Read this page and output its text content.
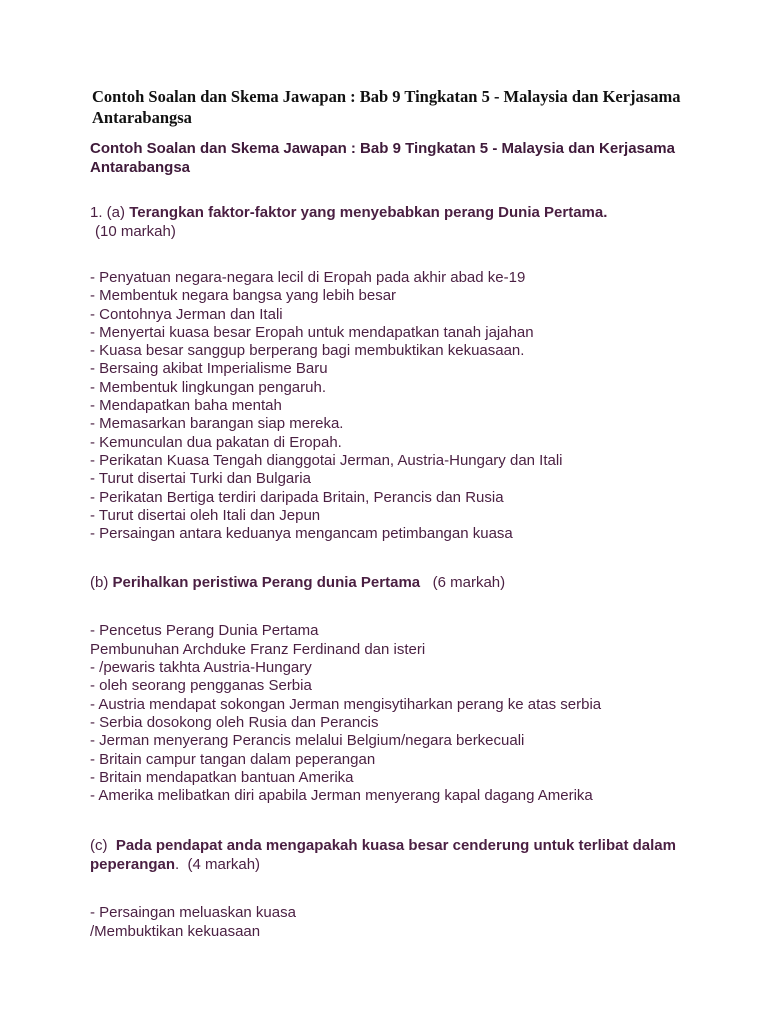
Contoh Soalan dan Skema Jawapan : Bab 9 Tingkatan 5 - Malaysia dan Kerjasama Antarabangsa

Contoh Soalan dan Skema Jawapan : Bab 9 Tingkatan 5 - Malaysia dan Kerjasama Antarabangsa

1. (a) Terangkan faktor-faktor yang menyebabkan perang Dunia Pertama.

(10 markah)

- Penyatuan negara-negara lecil di Eropah pada akhir abad ke-19
- Membentuk negara bangsa yang lebih besar
- Contohnya Jerman dan Itali
- Menyertai kuasa besar Eropah untuk mendapatkan tanah jajahan
- Kuasa besar sanggup berperang bagi membuktikan kekuasaan.
- Bersaing akibat Imperialisme Baru
- Membentuk lingkungan pengaruh.
- Mendapatkan baha mentah
- Memasarkan barangan siap mereka.
- Kemunculan dua pakatan di Eropah.
- Perikatan Kuasa Tengah dianggotai Jerman, Austria-Hungary dan Itali
- Turut disertai Turki dan Bulgaria
- Perikatan Bertiga terdiri daripada Britain, Perancis dan Rusia
- Turut disertai oleh Itali dan Jepun
- Persaingan antara keduanya mengancam petimbangan kuasa

(b) Perihalkan peristiwa Perang dunia Pertama   (6 markah)

- Pencetus Perang Dunia Pertama
Pembunuhan Archduke Franz Ferdinand dan isteri
- /pewaris takhta Austria-Hungary
- oleh seorang pengganas Serbia
- Austria mendapat sokongan Jerman mengisytiharkan perang ke atas serbia
- Serbia dosokong oleh Rusia dan Perancis
- Jerman menyerang Perancis melalui Belgium/negara berkecuali
- Britain campur tangan dalam peperangan
- Britain mendapatkan bantuan Amerika
- Amerika melibatkan diri apabila Jerman menyerang kapal dagang Amerika

(c)  Pada pendapat anda mengapakah kuasa besar cenderung untuk terlibat dalam peperangan.  (4 markah)

- Persaingan meluaskan kuasa
/Membuktikan kekuasaan
